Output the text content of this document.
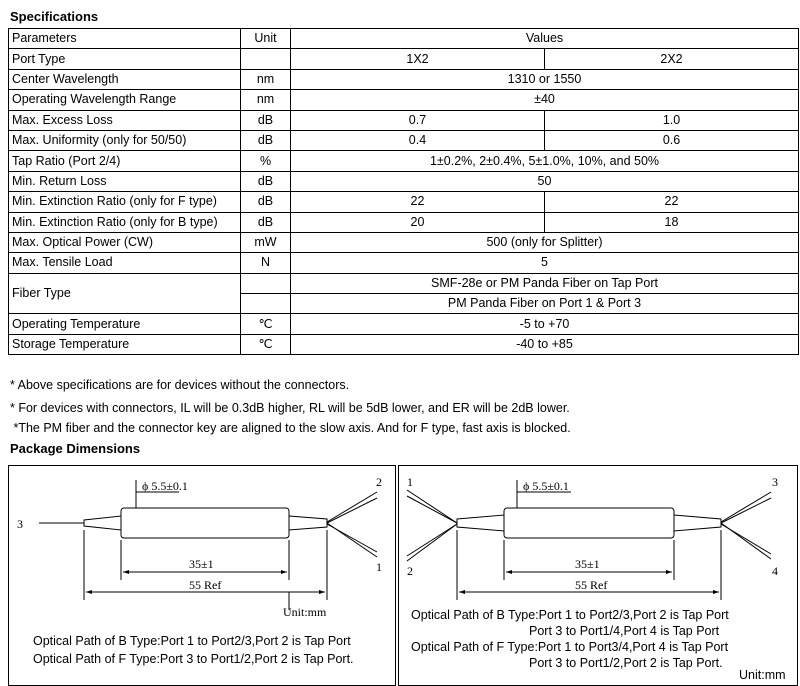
Specifications
Parameters	Unit	Values	
Port Type		1X2	2X2
Center Wavelength	nm	1310 or 1550	
Operating Wavelength Range	nm	±40	
Max. Excess Loss	dB	0.7	1.0
Max. Uniformity (only for 50/50)	dB	0.4	0.6
Tap Ratio (Port 2/4)	%	1±0.2%, 2±0.4%, 5±1.0%, 10%, and 50%	
Min. Return Loss	dB	50	
Min. Extinction Ratio (only for F type)	dB	22	22
Min. Extinction Ratio (only for B type)	dB	20	18
Max. Optical Power (CW)	mW	500 (only for Splitter)	
Max. Tensile Load	N	5	
Fiber Type		SMF-28e or PM Panda Fiber on Tap Port	
		PM Panda Fiber on Port 1 & Port 3	
Operating Temperature	℃	-5 to +70	
Storage Temperature	℃	-40 to +85	
* Above specifications are for devices without the connectors.
* For devices with connectors, IL will be 0.3dB higher, RL will be 5dB lower, and ER will be 2dB lower.
*The PM fiber and the connector key are aligned to the slow axis. And for F type, fast axis is blocked.
Package Dimensions
ϕ 5.5±0.1
35±1
55 Ref
Unit:mm
3
2
1
Optical Path of B Type:Port 1 to Port2/3,Port 2 is Tap Port
Optical Path of F Type:Port 3 to Port1/2,Port 2 is Tap Port.
ϕ 5.5±0.1
35±1
55 Ref
1
2
3
4
Optical Path of B Type:Port 1 to Port2/3,Port 2 is Tap Port
Port 3 to Port1/4,Port 4 is Tap Port
Optical Path of F Type:Port 1 to Port3/4,Port 4 is Tap Port
Port 3 to Port1/2,Port 2 is Tap Port.
Unit:mm
